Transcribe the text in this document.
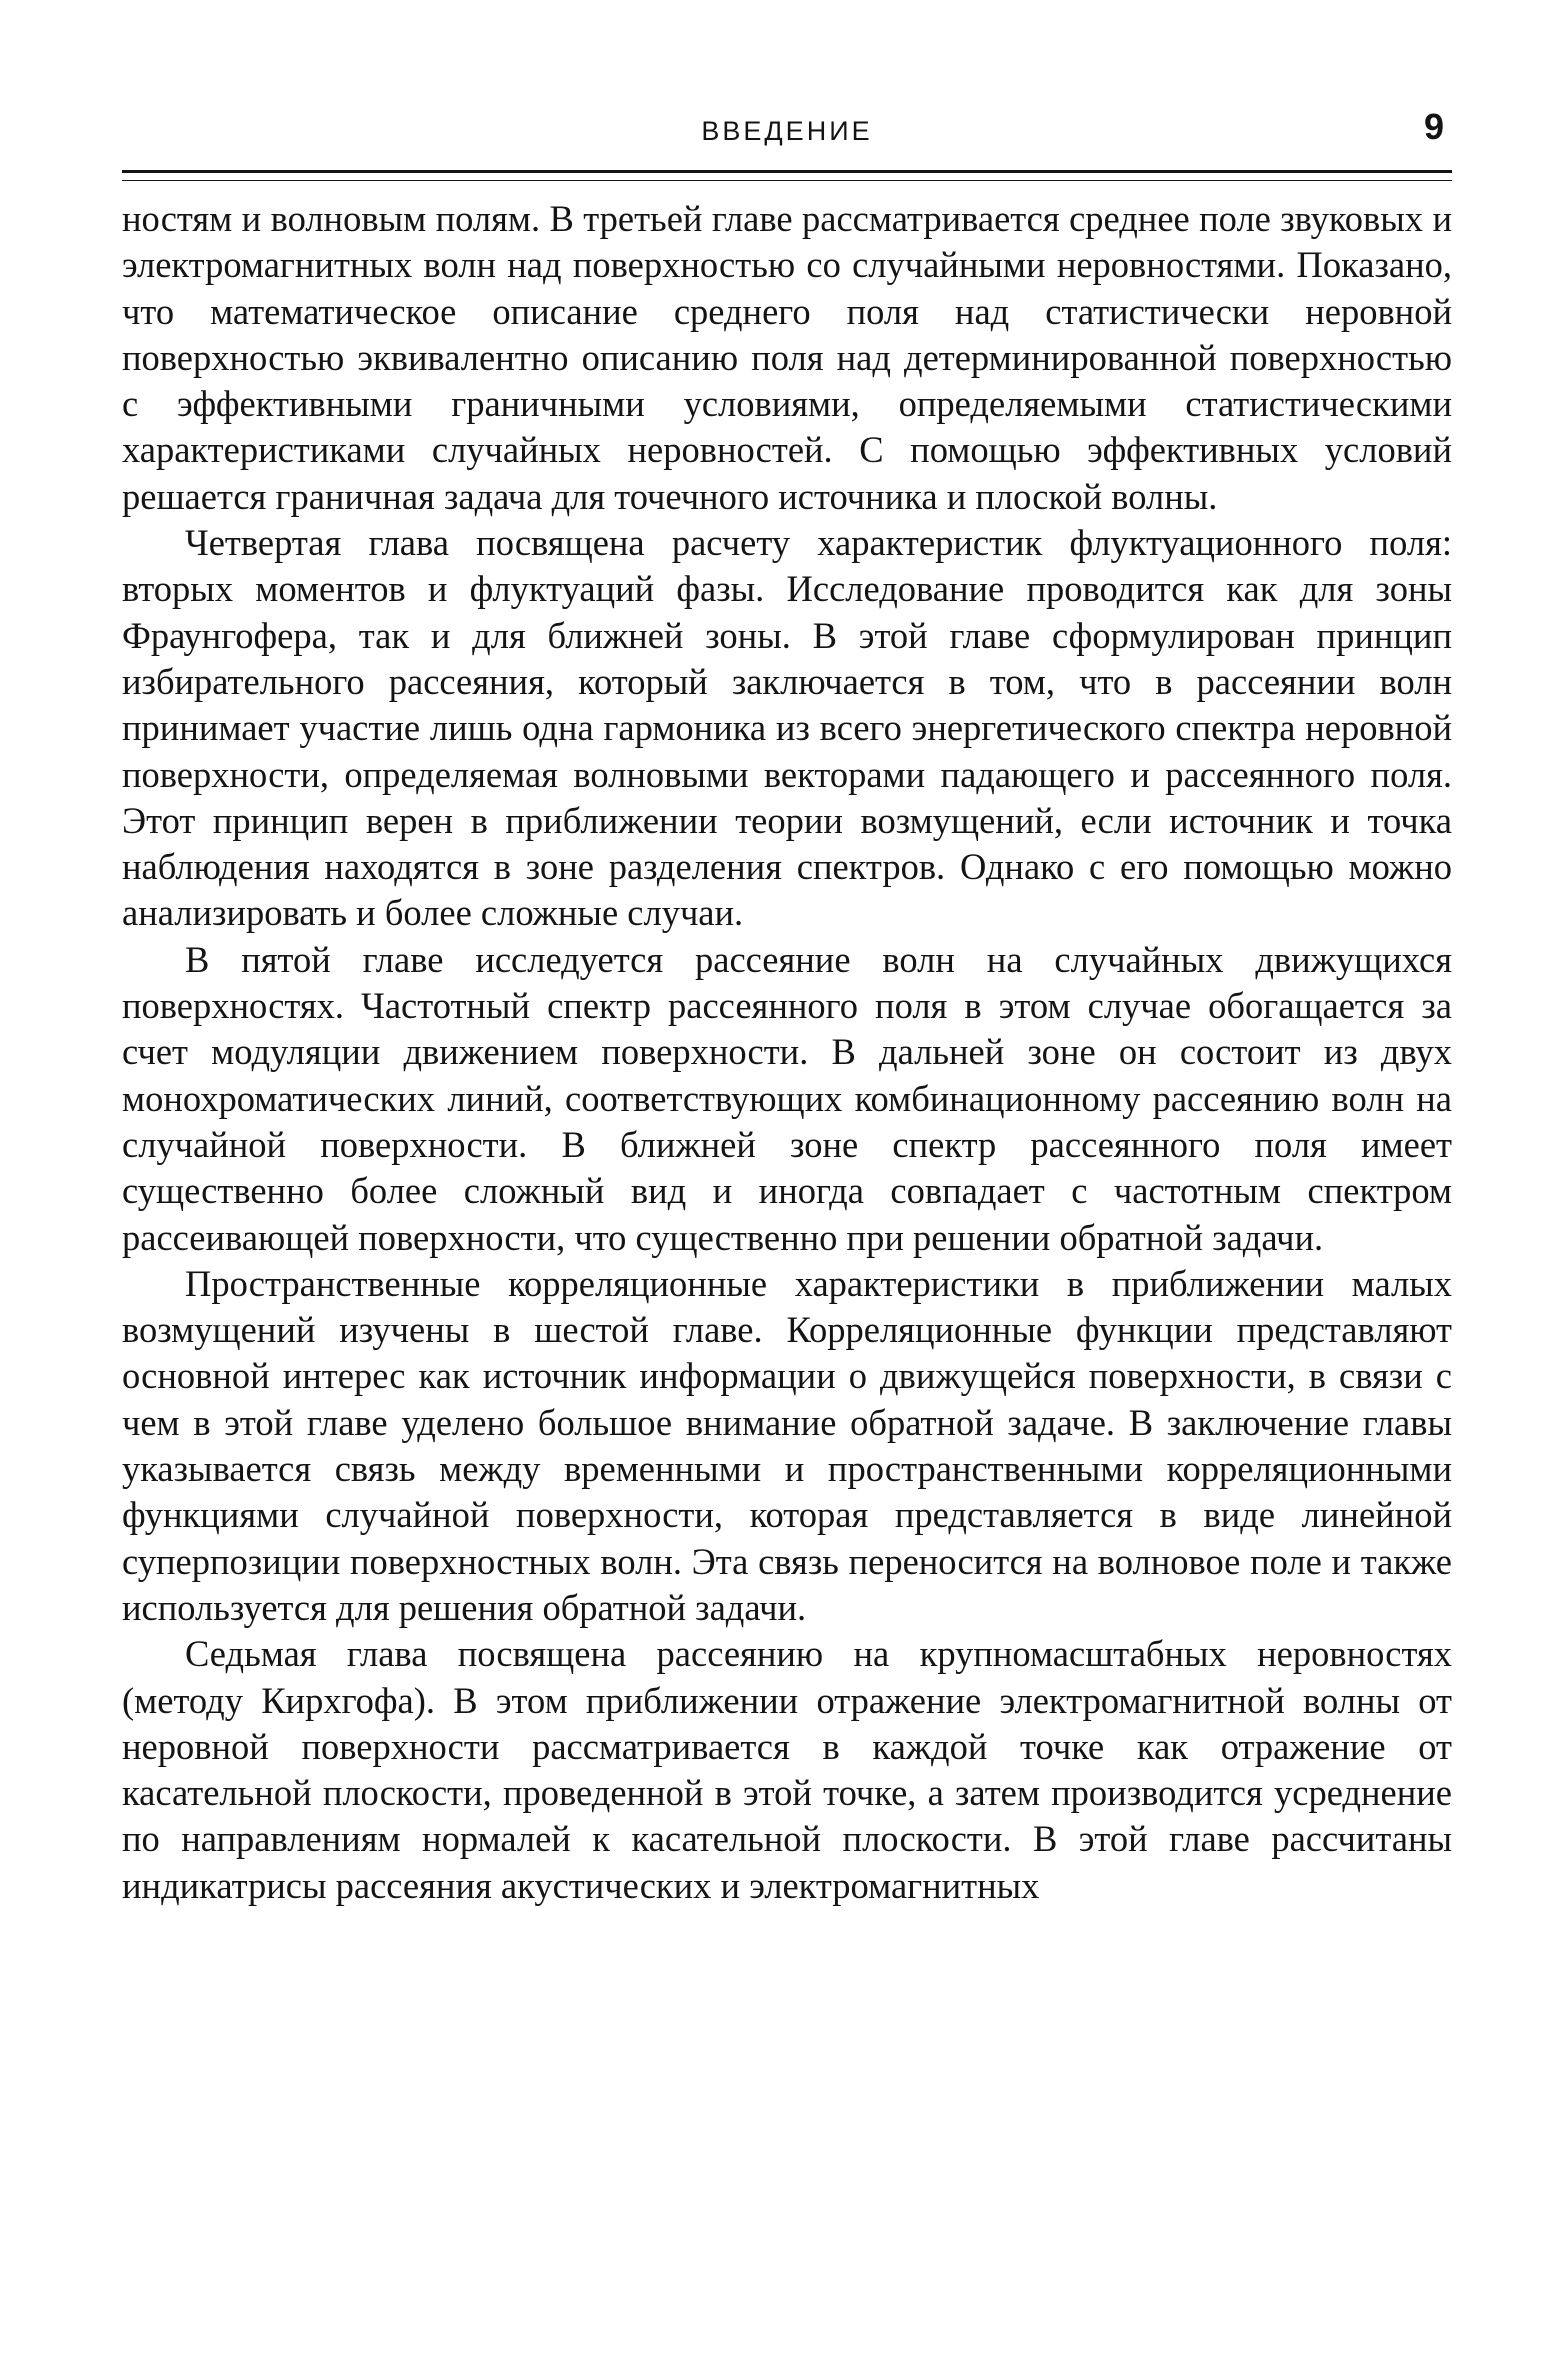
ВВЕДЕНИЕ	9

ностям и волновым полям. В третьей главе рассматривается среднее поле звуковых и электромагнитных волн над поверхностью со случайными неровностями. Показано, что математическое описание среднего поля над статистически неровной поверхностью эквивалентно описанию поля над детерминированной поверхностью с эффективными граничными условиями, определяемыми статистическими характеристиками случайных неровностей. С помощью эффективных условий решается граничная задача для точечного источника и плоской волны.

Четвертая глава посвящена расчету характеристик флуктуационного поля: вторых моментов и флуктуаций фазы. Исследование проводится как для зоны Фраунгофера, так и для ближней зоны. В этой главе сформулирован принцип избирательного рассеяния, который заключается в том, что в рассеянии волн принимает участие лишь одна гармоника из всего энергетического спектра неровной поверхности, определяемая волновыми векторами падающего и рассеянного поля. Этот принцип верен в приближении теории возмущений, если источник и точка наблюдения находятся в зоне разделения спектров. Однако с его помощью можно анализировать и более сложные случаи.

В пятой главе исследуется рассеяние волн на случайных движущихся поверхностях. Частотный спектр рассеянного поля в этом случае обогащается за счет модуляции движением поверхности. В дальней зоне он состоит из двух монохроматических линий, соответствующих комбинационному рассеянию волн на случайной поверхности. В ближней зоне спектр рассеянного поля имеет существенно более сложный вид и иногда совпадает с частотным спектром рассеивающей поверхности, что существенно при решении обратной задачи.

Пространственные корреляционные характеристики в приближении малых возмущений изучены в шестой главе. Корреляционные функции представляют основной интерес как источник информации о движущейся поверхности, в связи с чем в этой главе уделено большое внимание обратной задаче. В заключение главы указывается связь между временными и пространственными корреляционными функциями случайной поверхности, которая представляется в виде линейной суперпозиции поверхностных волн. Эта связь переносится на волновое поле и также используется для решения обратной задачи.

Седьмая глава посвящена рассеянию на крупномасштабных неровностях (методу Кирхгофа). В этом приближении отражение электромагнитной волны от неровной поверхности рассматривается в каждой точке как отражение от касательной плоскости, проведенной в этой точке, а затем производится усреднение по направлениям нормалей к касательной плоскости. В этой главе рассчитаны индикатрисы рассеяния акустических и электромагнитных
